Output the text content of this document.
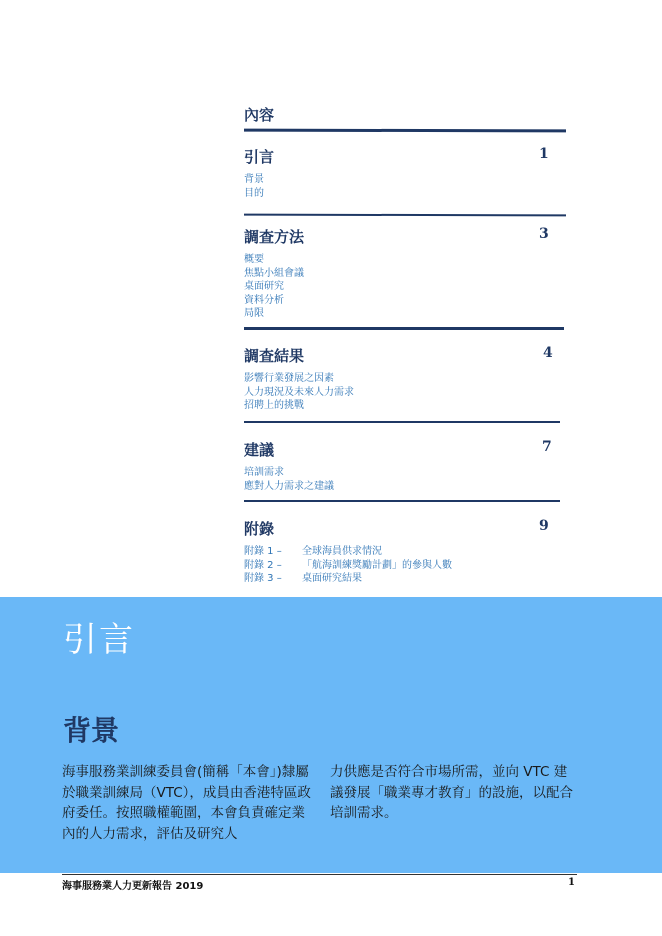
內容
引言	1
背景
目的
調查方法	3
概要
焦點小組會議
桌面研究
資料分析
局限
調查結果	4
影響行業發展之因素
人力現況及未來人力需求
招聘上的挑戰
建議	7
培訓需求
應對人力需求之建議
附錄	9
附錄 1 – 全球海員供求情況
附錄 2 – 「航海訓練獎勵計劃」的參與人數
附錄 3 – 桌面研究結果
引言
背景
海事服務業訓練委員會(簡稱「本會」)隸屬於職業訓練局（VTC），成員由香港特區政府委任。按照職權範圍，本會負責確定業內的人力需求，評估及研究人
力供應是否符合市場所需，並向 VTC 建議發展「職業專才教育」的設施，以配合培訓需求。
海事服務業人力更新報告 2019	1
